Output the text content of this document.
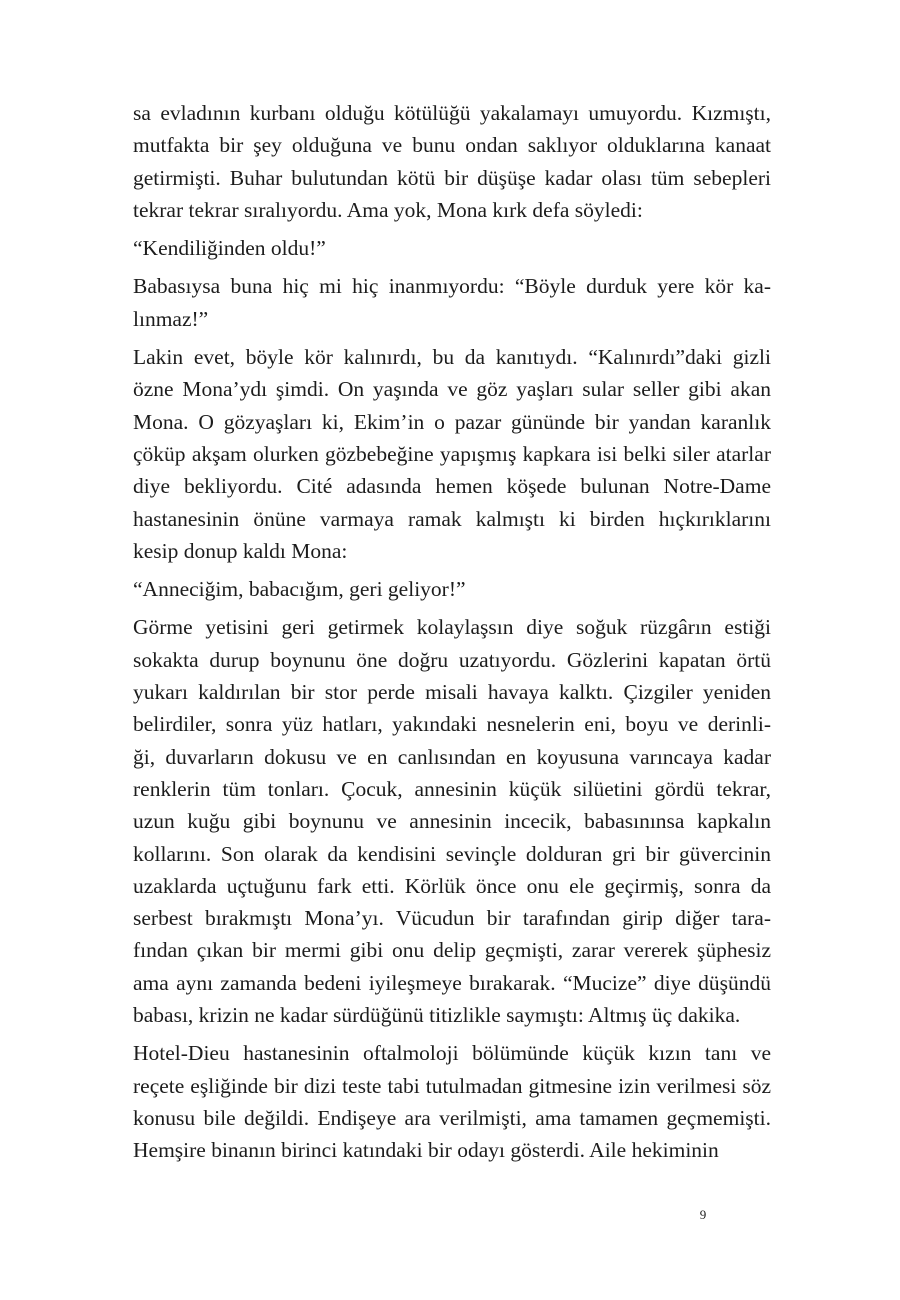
sa evladının kurbanı olduğu kötülüğü yakalamayı umuyordu. Kızmıştı,
mutfakta bir şey olduğuna ve bunu ondan saklıyor olduklarına kanaat
getirmişti. Buhar bulutundan kötü bir düşüşe kadar olası tüm sebepleri
tekrar tekrar sıralıyordu. Ama yok, Mona kırk defa söyledi:
“Kendiliğinden oldu!”
Babasıysa buna hiç mi hiç inanmıyordu: “Böyle durduk yere kör ka-
lınmaz!”
Lakin evet, böyle kör kalınırdı, bu da kanıtıydı. “Kalınırdı”daki gizli
özne Mona’ydı şimdi. On yaşında ve göz yaşları sular seller gibi akan
Mona. O gözyaşları ki, Ekim’in o pazar gününde bir yandan karanlık
çöküp akşam olurken gözbebeğine yapışmış kapkara isi belki siler atarlar
diye bekliyordu. Cité adasında hemen köşede bulunan Notre-Dame
hastanesinin önüne varmaya ramak kalmıştı ki birden hıçkırıklarını
kesip donup kaldı Mona:
“Anneciğim, babacığım, geri geliyor!”
Görme yetisini geri getirmek kolaylaşsın diye soğuk rüzgârın estiği
sokakta durup boynunu öne doğru uzatıyordu. Gözlerini kapatan örtü
yukarı kaldırılan bir stor perde misali havaya kalktı. Çizgiler yeniden
belirdiler, sonra yüz hatları, yakındaki nesnelerin eni, boyu ve derinli-
ği, duvarların dokusu ve en canlısından en koyusuna varıncaya kadar
renklerin tüm tonları. Çocuk, annesinin küçük silüetini gördü tekrar,
uzun kuğu gibi boynunu ve annesinin incecik, babasınınsa kapkalın
kollarını. Son olarak da kendisini sevinçle dolduran gri bir güvercinin
uzaklarda uçtuğunu fark etti. Körlük önce onu ele geçirmiş, sonra da
serbest bırakmıştı Mona’yı. Vücudun bir tarafından girip diğer tara-
fından çıkan bir mermi gibi onu delip geçmişti, zarar vererek şüphesiz
ama aynı zamanda bedeni iyileşmeye bırakarak. “Mucize” diye düşündü
babası, krizin ne kadar sürdüğünü titizlikle saymıştı: Altmış üç dakika.
Hotel-Dieu hastanesinin oftalmoloji bölümünde küçük kızın tanı ve
reçete eşliğinde bir dizi teste tabi tutulmadan gitmesine izin verilmesi söz
konusu bile değildi. Endişeye ara verilmişti, ama tamamen geçmemişti.
Hemşire binanın birinci katındaki bir odayı gösterdi. Aile hekiminin
9
